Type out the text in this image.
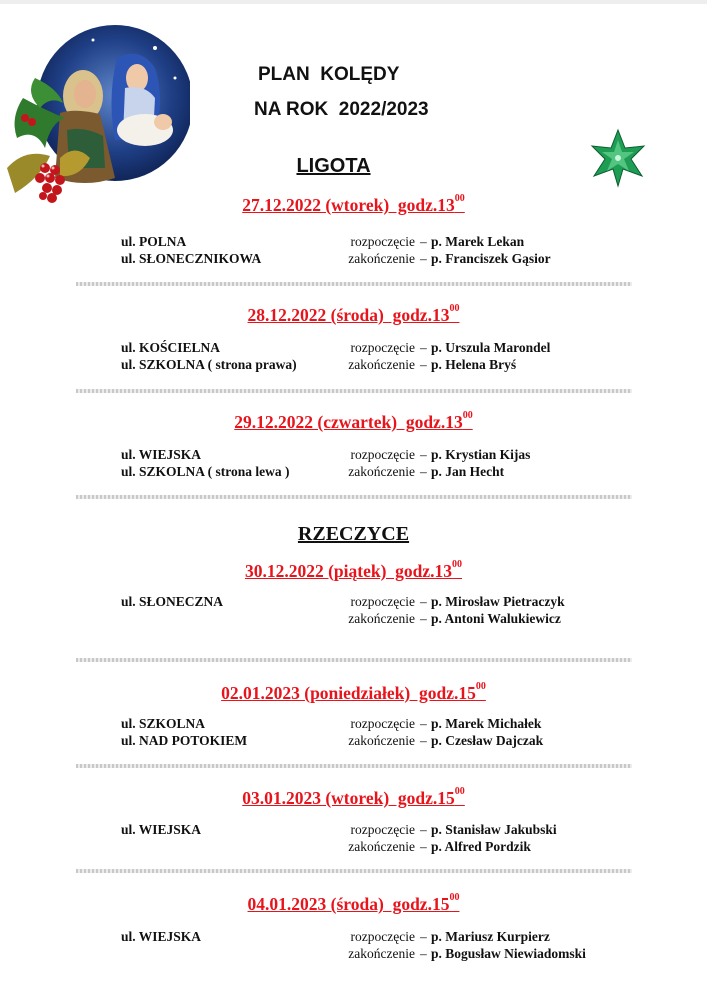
PLAN  KOLĘDY
NA ROK  2022/2023
LIGOTA
27.12.2022 (wtorek)  $godz.13^{00}$
ul. POLNA	rozpoczęcie – p. Marek Lekan
ul. SŁONECZNIKOWA	zakończenie – p. Franciszek Gąsior
28.12.2022 (środa)  $godz.13^{00}$
ul. KOŚCIELNA	rozpoczęcie – p. Urszula Marondel
ul. SZKOLNA ( strona prawa)	zakończenie – p. Helena Bryś
29.12.2022 (czwartek)  $godz.13^{00}$
ul. WIEJSKA	rozpoczęcie – p. Krystian Kijas
ul. SZKOLNA ( strona lewa )	zakończenie – p. Jan Hecht
RZECZYCE
30.12.2022 (piątek)  $godz.13^{00}$
ul. SŁONECZNA	rozpoczęcie – p. Mirosław Pietraczyk
zakończenie – p. Antoni Walukiewicz
02.01.2023 (poniedziałek)  $godz.15^{00}$
ul. SZKOLNA	rozpoczęcie – p. Marek Michałek
ul. NAD POTOKIEM	zakończenie – p. Czesław Dajczak
03.01.2023 (wtorek)  $godz.15^{00}$
ul. WIEJSKA	rozpoczęcie – p. Stanisław Jakubski
zakończenie – p. Alfred Pordzik
04.01.2023 (środa)  $godz.15^{00}$
ul. WIEJSKA	rozpoczęcie – p. Mariusz Kurpierz
zakończenie – p. Bogusław Niewiadomski
